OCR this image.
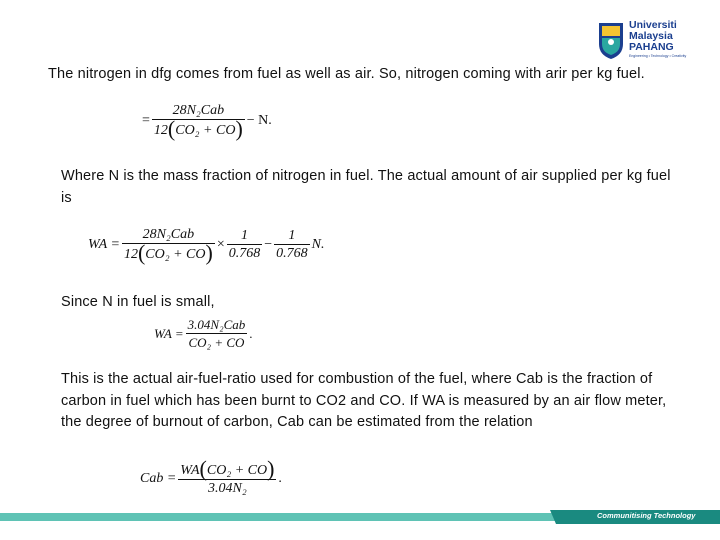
Universiti
Malaysia
PAHANG
Engineering • Technology • Creativity
The nitrogen in dfg comes from fuel as well as air. So, nitrogen coming with arir per kg fuel.
= $\frac{\text{28N₂Cab}}{\text{12(CO₂ + CO)}} - N$.
Where N is the mass fraction of nitrogen in fuel. The actual amount of air supplied per kg fuel is
WA = $\frac{\text{28N₂Cab}}{\text{12(CO₂ + CO)}} \times \frac{1}{0.768} - \frac{1}{0.768} N$.
Since N in fuel is small,
WA = $\frac{\text{3.04N₂Cab}}{\text{CO₂ + CO}}$ .
This is the actual air-fuel-ratio used for combustion of the fuel, where Cab is the fraction of carbon in fuel which has been burnt to CO2 and CO. If WA is measured by an air flow meter, the degree of burnout of carbon, Cab can be estimated from the relation
Cab = $\frac{\text{WA(CO₂ + CO)}}{\text{3.04N₂}}$ .
Communitising Technology
